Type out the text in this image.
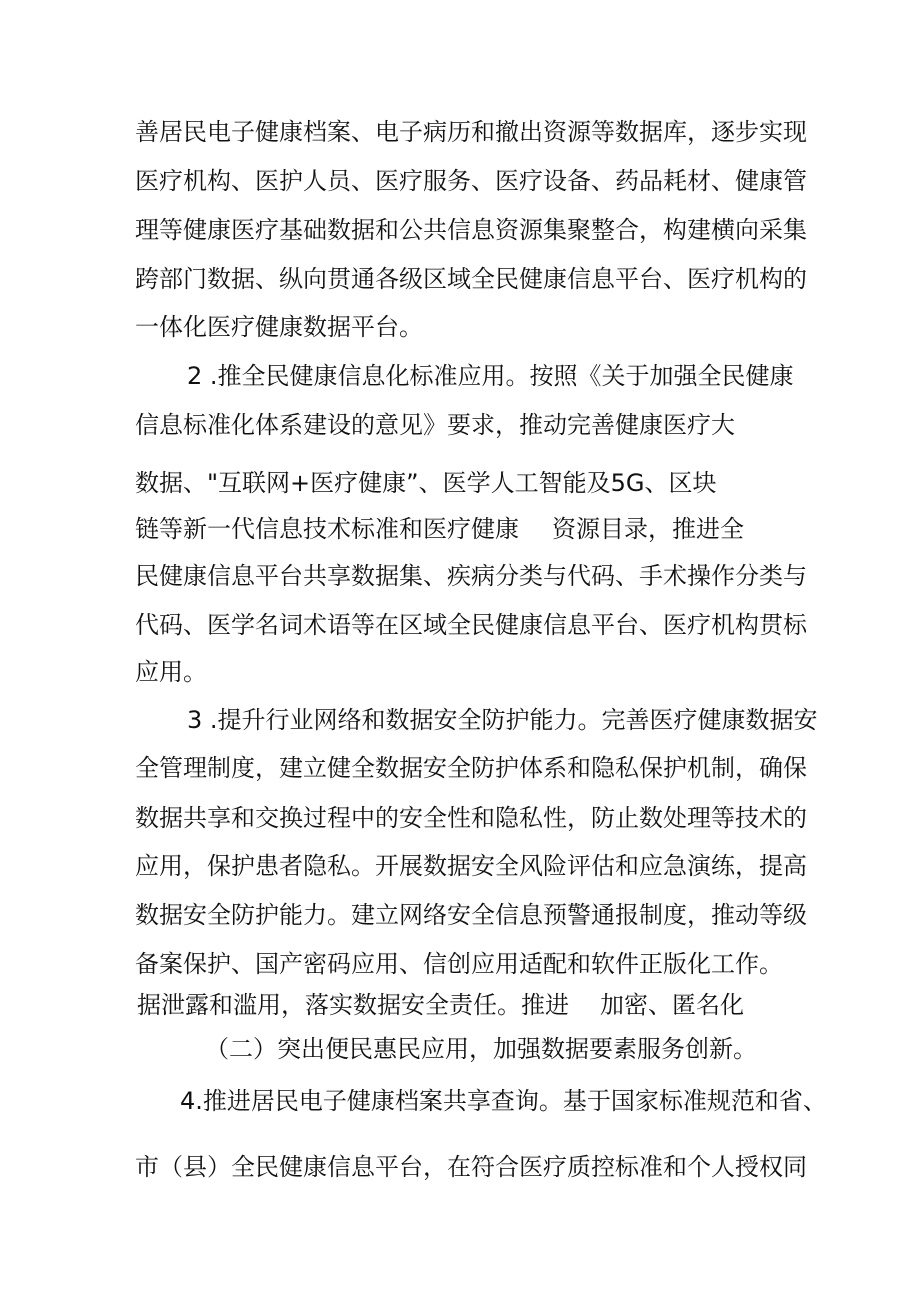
善居民电子健康档案、电子病历和撤出资源等数据库，逐步实现
医疗机构、医护人员、医疗服务、医疗设备、药品耗材、健康管
理等健康医疗基础数据和公共信息资源集聚整合，构建横向采集
跨部门数据、纵向贯通各级区域全民健康信息平台、医疗机构的
一体化医疗健康数据平台。
2 .推全民健康信息化标准应用。按照《关于加强全民健康
信息标准化体系建设的意见》要求，推动完善健康医疗大
数据、"互联网+医疗健康”、医学人工智能及5G、区块
链等新一代信息技术标准和医疗健康 资源目录，推进全
民健康信息平台共享数据集、疾病分类与代码、手术操作分类与
代码、医学名词术语等在区域全民健康信息平台、医疗机构贯标
应用。
3 .提升行业网络和数据安全防护能力。完善医疗健康数据安
全管理制度，建立健全数据安全防护体系和隐私保护机制，确保
数据共享和交换过程中的安全性和隐私性，防止数处理等技术的
应用，保护患者隐私。开展数据安全风险评估和应急演练，提高
数据安全防护能力。建立网络安全信息预警通报制度，推动等级
备案保护、国产密码应用、信创应用适配和软件正版化工作。
据泄露和滥用，落实数据安全责任。推进 加密、匿名化
（二）突出便民惠民应用，加强数据要素服务创新。
4.推进居民电子健康档案共享查询。基于国家标准规范和省、
市（县）全民健康信息平台，在符合医疗质控标准和个人授权同
